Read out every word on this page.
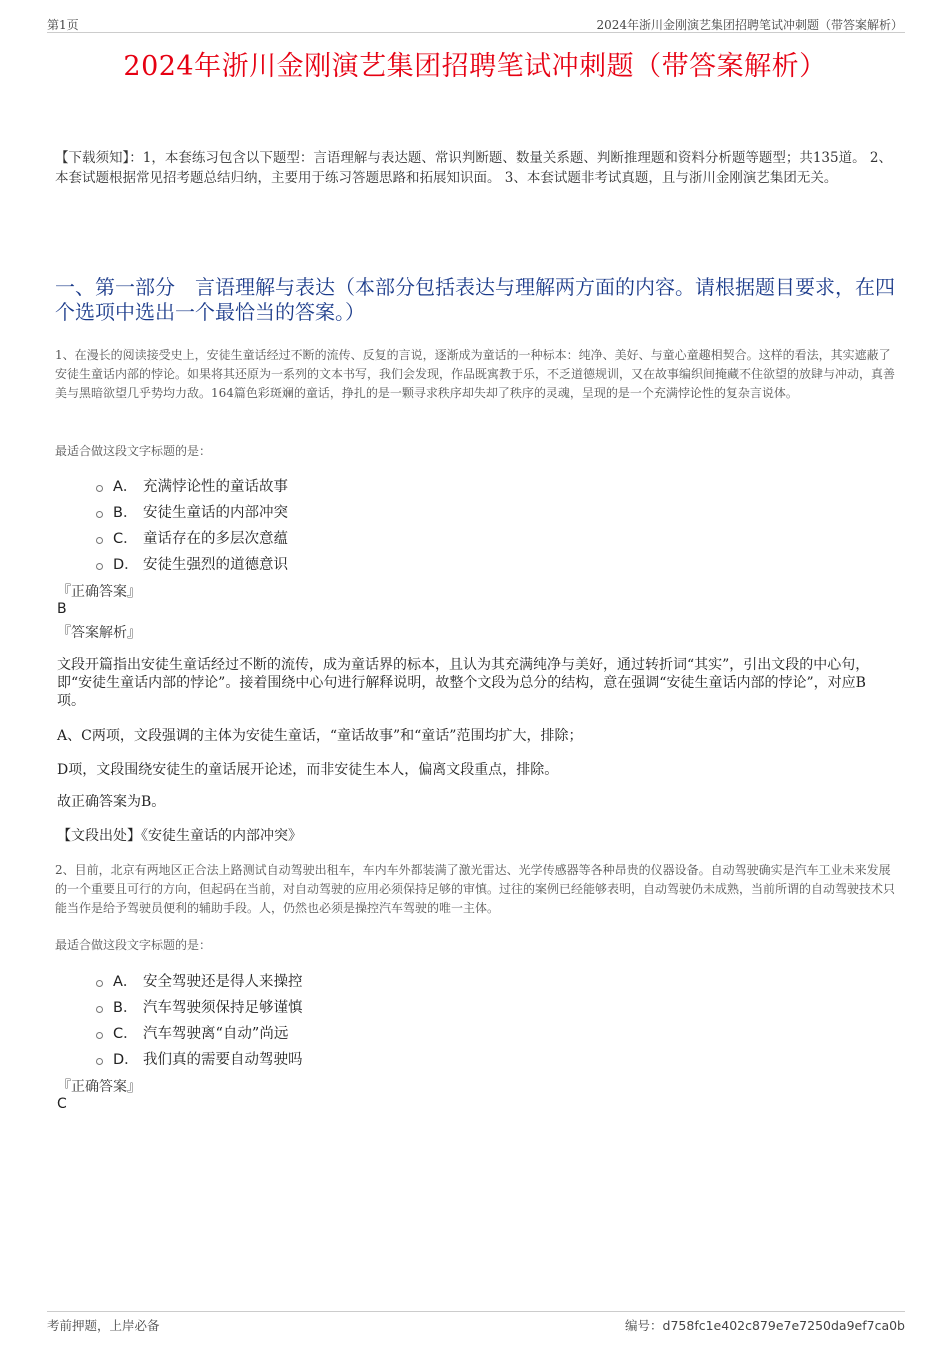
第1页	2024年浙川金刚演艺集团招聘笔试冲刺题（带答案解析）
2024年浙川金刚演艺集团招聘笔试冲刺题（带答案解析）
【下载须知】：1，本套练习包含以下题型：言语理解与表达题、常识判断题、数量关系题、判断推理题和资料分析题等题型；共135道。 2、本套试题根据常见招考题总结归纳，主要用于练习答题思路和拓展知识面。 3、本套试题非考试真题，且与浙川金刚演艺集团无关。
一、第一部分　言语理解与表达（本部分包括表达与理解两方面的内容。请根据题目要求，在四个选项中选出一个最恰当的答案。）
1、在漫长的阅读接受史上，安徒生童话经过不断的流传、反复的言说，逐渐成为童话的一种标本：纯净、美好、与童心童趣相契合。这样的看法，其实遮蔽了安徒生童话内部的悖论。如果将其还原为一系列的文本书写，我们会发现，作品既寓教于乐，不乏道德规训，又在故事编织间掩藏不住欲望的放肆与冲动，真善美与黑暗欲望几乎势均力敌。164篇色彩斑斓的童话，挣扎的是一颗寻求秩序却失却了秩序的灵魂，呈现的是一个充满悖论性的复杂言说体。
最适合做这段文字标题的是：
A． 充满悖论性的童话故事
B． 安徒生童话的内部冲突
C． 童话存在的多层次意蕴
D． 安徒生强烈的道德意识
『正确答案』
B
『答案解析』
文段开篇指出安徒生童话经过不断的流传，成为童话界的标本，且认为其充满纯净与美好，通过转折词“其实”，引出文段的中心句，即“安徒生童话内部的悖论”。接着围绕中心句进行解释说明，故整个文段为总分的结构，意在强调“安徒生童话内部的悖论”，对应B项。
A、C两项，文段强调的主体为安徒生童话，“童话故事”和“童话”范围均扩大，排除；
D项，文段围绕安徒生的童话展开论述，而非安徒生本人，偏离文段重点，排除。
故正确答案为B。
【文段出处】《安徒生童话的内部冲突》
2、目前，北京有两地区正合法上路测试自动驾驶出租车，车内车外都装满了激光雷达、光学传感器等各种昂贵的仪器设备。自动驾驶确实是汽车工业未来发展的一个重要且可行的方向，但起码在当前，对自动驾驶的应用必须保持足够的审慎。过往的案例已经能够表明，自动驾驶仍未成熟，当前所谓的自动驾驶技术只能当作是给予驾驶员便利的辅助手段。人，仍然也必须是操控汽车驾驶的唯一主体。
最适合做这段文字标题的是：
A． 安全驾驶还是得人来操控
B． 汽车驾驶须保持足够谨慎
C． 汽车驾驶离“自动”尚远
D． 我们真的需要自动驾驶吗
『正确答案』
C
考前押题，上岸必备	编号：d758fc1e402c879e7e7250da9ef7ca0b
